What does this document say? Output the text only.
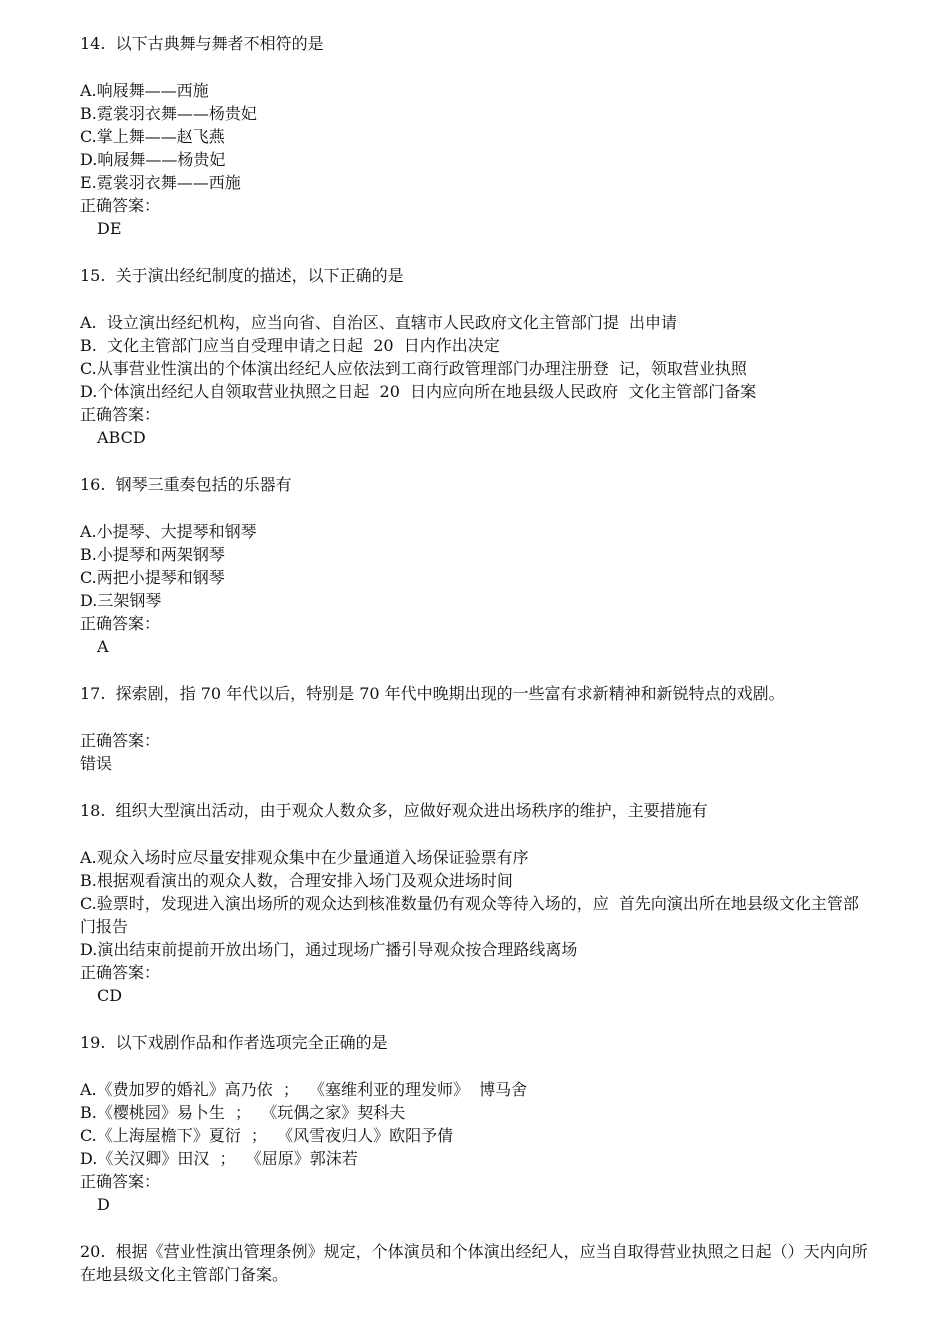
14.  以下古典舞与舞者不相符的是
A.响屐舞——西施
B.霓裳羽衣舞——杨贵妃
C.掌上舞——赵飞燕
D.响屐舞——杨贵妃
E.霓裳羽衣舞——西施
正确答案：
DE
15.  关于演出经纪制度的描述，以下正确的是
A.  设立演出经纪机构，应当向省、自治区、直辖市人民政府文化主管部门提  出申请
B.  文化主管部门应当自受理申请之日起  20  日内作出决定
C.从事营业性演出的个体演出经纪人应依法到工商行政管理部门办理注册登  记，领取营业执照
D.个体演出经纪人自领取营业执照之日起  20  日内应向所在地县级人民政府  文化主管部门备案
正确答案：
ABCD
16.  钢琴三重奏包括的乐器有
A.小提琴、大提琴和钢琴
B.小提琴和两架钢琴
C.两把小提琴和钢琴
D.三架钢琴
正确答案：
A
17.  探索剧，指 70 年代以后，特别是 70 年代中晚期出现的一些富有求新精神和新锐特点的戏剧。
正确答案：
错误
18.  组织大型演出活动，由于观众人数众多，应做好观众进出场秩序的维护，主要措施有
A.观众入场时应尽量安排观众集中在少量通道入场保证验票有序
B.根据观看演出的观众人数，合理安排入场门及观众进场时间
C.验票时，发现进入演出场所的观众达到核准数量仍有观众等待入场的，应  首先向演出所在地县级文化主管部门报告
D.演出结束前提前开放出场门，通过现场广播引导观众按合理路线离场
正确答案：
CD
19.  以下戏剧作品和作者选项完全正确的是
A.《费加罗的婚礼》高乃依  ；  《塞维利亚的理发师》  博马舍
B.《樱桃园》易卜生  ；  《玩偶之家》契科夫
C.《上海屋檐下》夏衍  ；  《风雪夜归人》欧阳予倩
D.《关汉卿》田汉  ；  《屈原》郭沫若
正确答案：
D
20.  根据《营业性演出管理条例》规定，个体演员和个体演出经纪人，应当自取得营业执照之日起（）天内向所在地县级文化主管部门备案。
